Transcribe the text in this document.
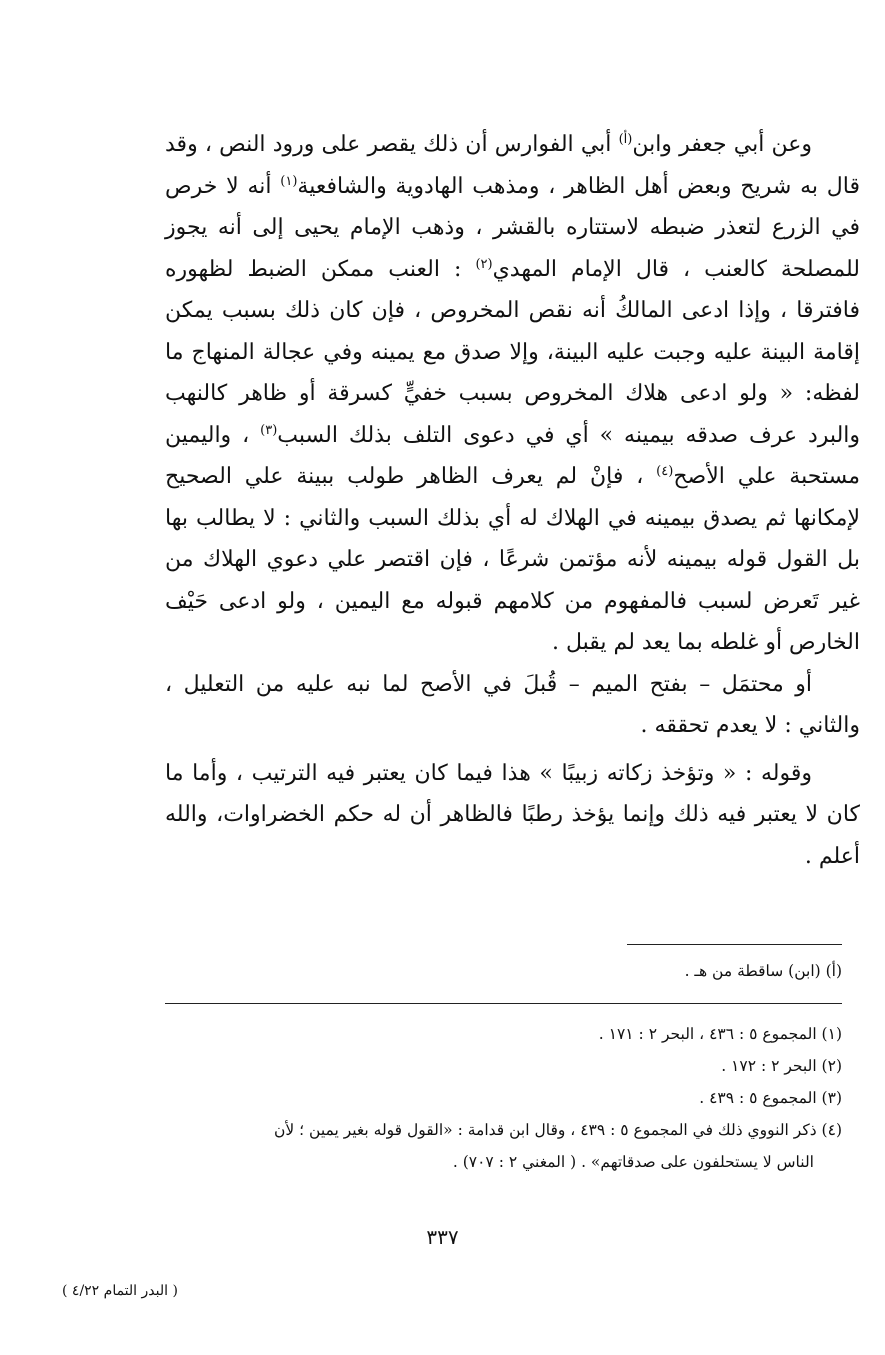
وعن أبي جعفر وابن$^{(أ)}$ أبي الفوارس أن ذلك يقصر على ورود النص ، وقد قال به شريح وبعض أهل الظاهر ، ومذهب الهادوية والشافعية$^{(١)}$ أنه لا خرص في الزرع لتعذر ضبطه لاستتاره بالقشر ، وذهب الإمام يحيى إلى أنه يجوز للمصلحة كالعنب ، قال الإمام المهدي$^{(٢)}$ : العنب ممكن الضبط لظهوره فافترقا ، وإذا ادعى المالكُ أنه نقص المخروص ، فإن كان ذلك بسبب يمكن إقامة البينة عليه وجبت عليه البينة، وإلا صدق مع يمينه وفي عجالة المنهاج ما لفظه: « ولو ادعى هلاك المخروص بسبب خفيٍّ كسرقة أو ظاهر كالنهب والبرد عرف صدقه بيمينه » أي في دعوى التلف بذلك السبب$^{(٣)}$ ، واليمين مستحبة علي الأصح$^{(٤)}$ ، فإنْ لم يعرف الظاهر طولب ببينة علي الصحيح لإمكانها ثم يصدق بيمينه في الهلاك له أي بذلك السبب والثاني : لا يطالب بها بل القول قوله بيمينه لأنه مؤتمن شرعًا ، فإن اقتصر علي دعوي الهلاك من غير تَعرض لسبب فالمفهوم من كلامهم قبوله مع اليمين ، ولو ادعى حَيْف الخارص أو غلطه بما يعد لم يقبل .

أو محتمَل – بفتح الميم – قُبلَ في الأصح لما نبه عليه من التعليل ، والثاني : لا يعدم تحققه .

وقوله : « وتؤخذ زكاته زبيبًا » هذا فيما كان يعتبر فيه الترتيب ، وأما ما كان لا يعتبر فيه ذلك وإنما يؤخذ رطبًا فالظاهر أن له حكم الخضراوات، والله أعلم .

(أ) (ابن) ساقطة من هـ .

(١) المجموع ٥ : ٤٣٦ ، البحر ٢ : ١٧١ .

(٢) البحر ٢ : ١٧٢ .

(٣) المجموع ٥ : ٤٣٩ .

(٤) ذكر النووي ذلك في المجموع ٥ : ٤٣٩ ، وقال ابن قدامة : «القول قوله بغير يمين ؛ لأن

الناس لا يستحلفون على صدقاتهم» . ( المغني ٢ : ٧٠٧) .

٣٣٧
( البدر التمام ٤/٢٢ )
